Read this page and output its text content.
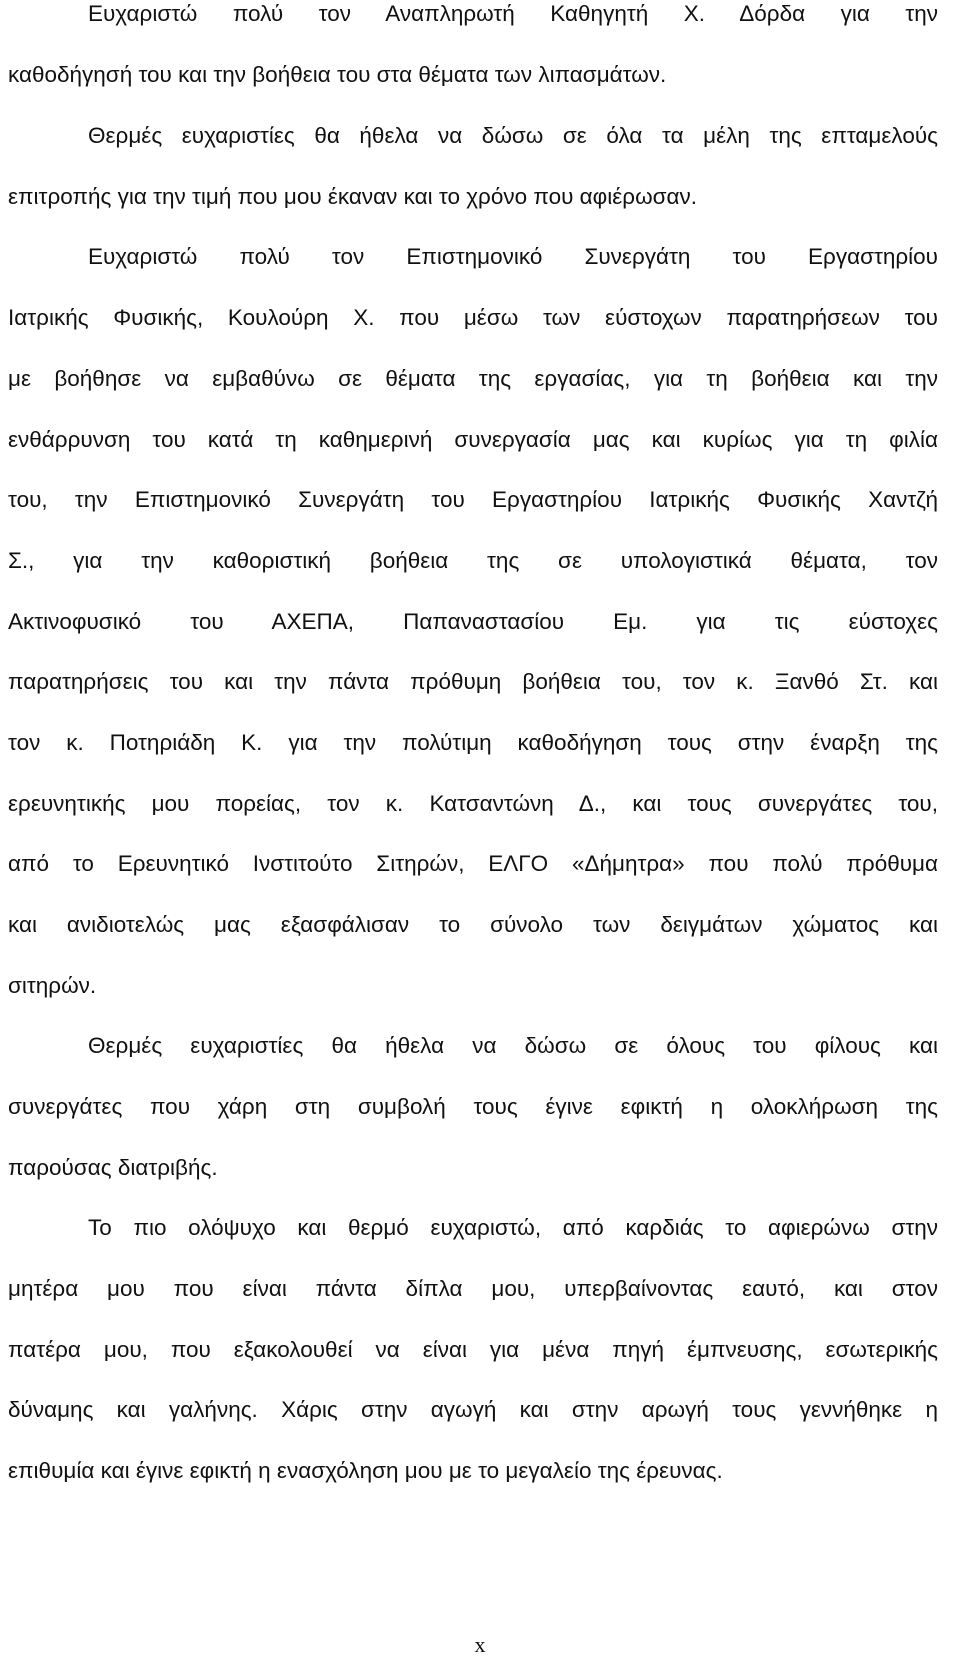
Ευχαριστώ πολύ τον Αναπληρωτή Καθηγητή Χ. Δόρδα για την
καθοδήγησή του και την βοήθεια του στα θέματα των λιπασμάτων.
Θερμές ευχαριστίες θα ήθελα να δώσω σε όλα τα μέλη της επταμελούς
επιτροπής για την τιμή που μου έκαναν και το χρόνο που αφιέρωσαν.
Ευχαριστώ πολύ τον Επιστημονικό Συνεργάτη του Εργαστηρίου
Ιατρικής Φυσικής, Κουλούρη Χ. που μέσω των εύστοχων παρατηρήσεων του
με βοήθησε να εμβαθύνω σε θέματα της εργασίας, για τη βοήθεια και την
ενθάρρυνση του κατά τη καθημερινή συνεργασία μας και κυρίως για τη φιλία
του, την Επιστημονικό Συνεργάτη του Εργαστηρίου Ιατρικής Φυσικής Χαντζή
Σ., για την καθοριστική βοήθεια της σε υπολογιστικά θέματα, τον
Ακτινοφυσικό του ΑΧΕΠΑ, Παπαναστασίου Εμ. για τις εύστοχες
παρατηρήσεις του και την πάντα πρόθυμη βοήθεια του, τον κ. Ξανθό Στ. και
τον κ. Ποτηριάδη Κ. για την πολύτιμη καθοδήγηση τους στην έναρξη της
ερευνητικής μου πορείας, τον κ. Κατσαντώνη Δ., και τους συνεργάτες του,
από το Ερευνητικό Ινστιτούτο Σιτηρών, ΕΛΓΟ «Δήμητρα» που πολύ πρόθυμα
και ανιδιοτελώς μας εξασφάλισαν το σύνολο των δειγμάτων χώματος και
σιτηρών.
Θερμές ευχαριστίες θα ήθελα να δώσω σε όλους του φίλους και
συνεργάτες που χάρη στη συμβολή τους έγινε εφικτή η ολοκλήρωση της
παρούσας διατριβής.
Το πιο ολόψυχο και θερμό ευχαριστώ, από καρδιάς το αφιερώνω στην
μητέρα μου που είναι πάντα δίπλα μου, υπερβαίνοντας εαυτό, και στον
πατέρα μου, που εξακολουθεί να είναι για μένα πηγή έμπνευσης, εσωτερικής
δύναμης και γαλήνης. Χάρις στην αγωγή και στην αρωγή τους γεννήθηκε η
επιθυμία και έγινε εφικτή η ενασχόληση μου με το μεγαλείο της έρευνας.
x
